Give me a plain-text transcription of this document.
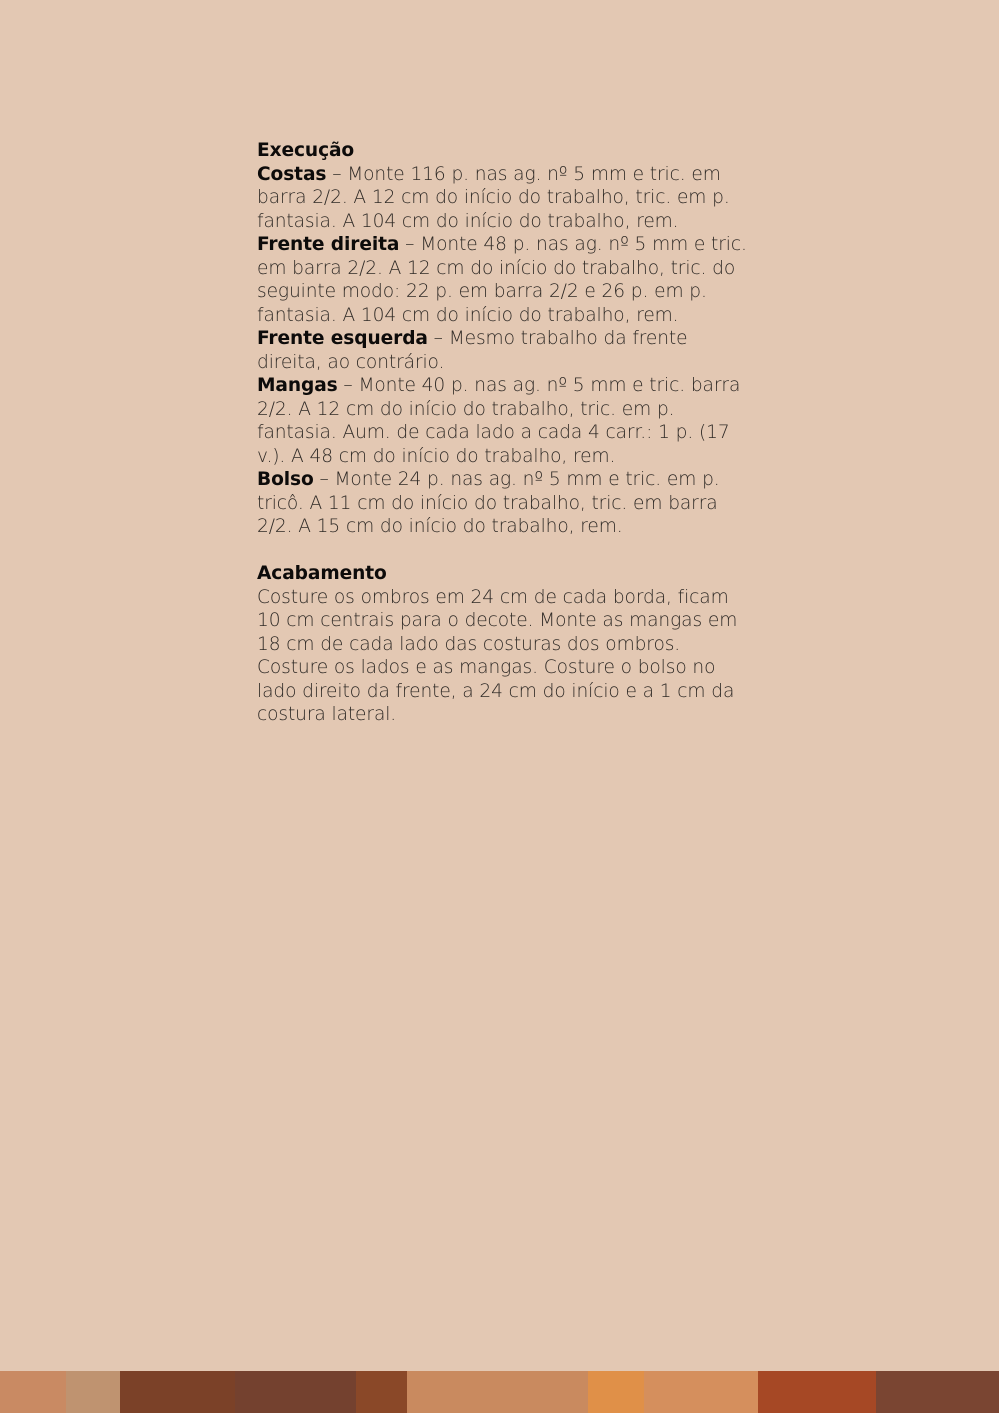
Execução

Costas – Monte 116 p. nas ag. nº 5 mm e tric. em barra 2/2. A 12 cm do início do trabalho, tric. em p. fantasia. A 104 cm do início do trabalho, rem.

Frente direita – Monte 48 p. nas ag. nº 5 mm e tric. em barra 2/2. A 12 cm do início do trabalho, tric. do seguinte modo: 22 p. em barra 2/2 e 26 p. em p. fantasia. A 104 cm do início do trabalho, rem.

Frente esquerda – Mesmo trabalho da frente direita, ao contrário.

Mangas – Monte 40 p. nas ag. nº 5 mm e tric. barra 2/2. A 12 cm do início do trabalho, tric. em p. fantasia. Aum. de cada lado a cada 4 carr.: 1 p. (17 v.). A 48 cm do início do trabalho, rem.

Bolso – Monte 24 p. nas ag. nº 5 mm e tric. em p. tricô. A 11 cm do início do trabalho, tric. em barra 2/2. A 15 cm do início do trabalho, rem.

Acabamento

Costure os ombros em 24 cm de cada borda, ficam 10 cm centrais para o decote. Monte as mangas em 18 cm de cada lado das costuras dos ombros. Costure os lados e as mangas. Costure o bolso no lado direito da frente, a 24 cm do início e a 1 cm da costura lateral.
